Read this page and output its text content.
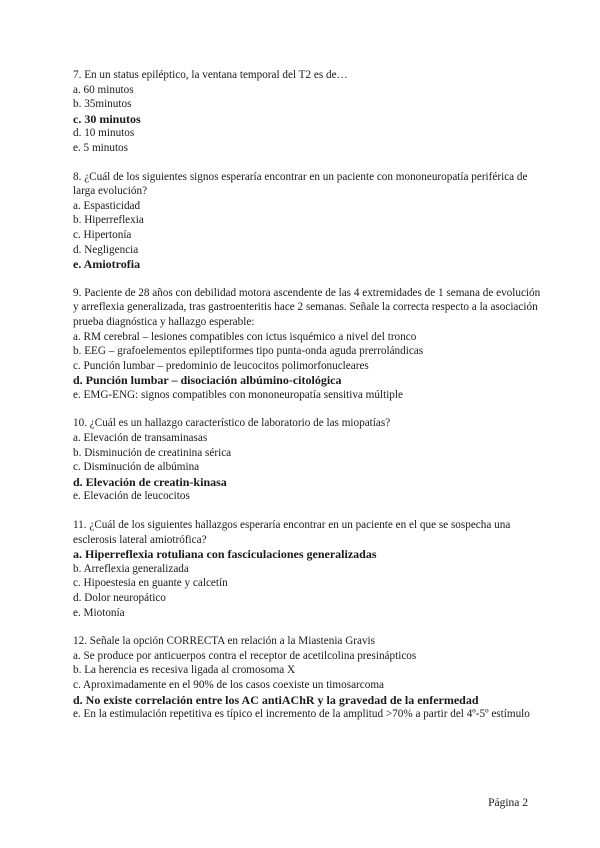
7. En un status epiléptico, la ventana temporal del T2 es de…
a. 60 minutos
b. 35minutos
c. 30 minutos
d. 10 minutos
e. 5 minutos
8. ¿Cuál de los siguientes signos esperaría encontrar en un paciente con mononeuropatía periférica de larga evolución?
a. Espasticidad
b. Hiperreflexia
c. Hipertonía
d. Negligencia
e. Amiotrofia
9. Paciente de 28 años con debilidad motora ascendente de las 4 extremidades de 1 semana de evolución y arreflexia generalizada, tras gastroenteritis hace 2 semanas. Señale la correcta respecto a la asociación prueba diagnóstica y hallazgo esperable:
a. RM cerebral – lesiones compatibles con ictus isquémico a nivel del tronco
b. EEG – grafoelementos epileptiformes tipo punta-onda aguda prerrolándicas
c. Punción lumbar – predominio de leucocitos polimorfonucleares
d. Punción lumbar – disociación albúmino-citológica
e. EMG-ENG: signos compatibles con mononeuropatía sensitiva múltiple
10. ¿Cuál es un hallazgo característico de laboratorio de las miopatías?
a. Elevación de transaminasas
b. Disminución de creatinina sérica
c. Disminución de albúmina
d. Elevación de creatin-kinasa
e. Elevación de leucocitos
11. ¿Cuál de los siguientes hallazgos esperaría encontrar en un paciente en el que se sospecha una esclerosis lateral amiotrófica?
a. Hiperreflexia rotuliana con fasciculaciones generalizadas
b. Arreflexia generalizada
c. Hipoestesia en guante y calcetín
d. Dolor neuropático
e. Miotonía
12. Señale la opción CORRECTA en relación a la Miastenia Gravis
a. Se produce por anticuerpos contra el receptor de acetilcolina presinápticos
b. La herencia es recesiva ligada al cromosoma X
c. Aproximadamente en el 90% de los casos coexiste un timosarcoma
d. No existe correlación entre los AC antiAChR y la gravedad de la enfermedad
e. En la estimulación repetitiva es típico el incremento de la amplitud >70% a partir del 4º-5º estímulo
Página 2
